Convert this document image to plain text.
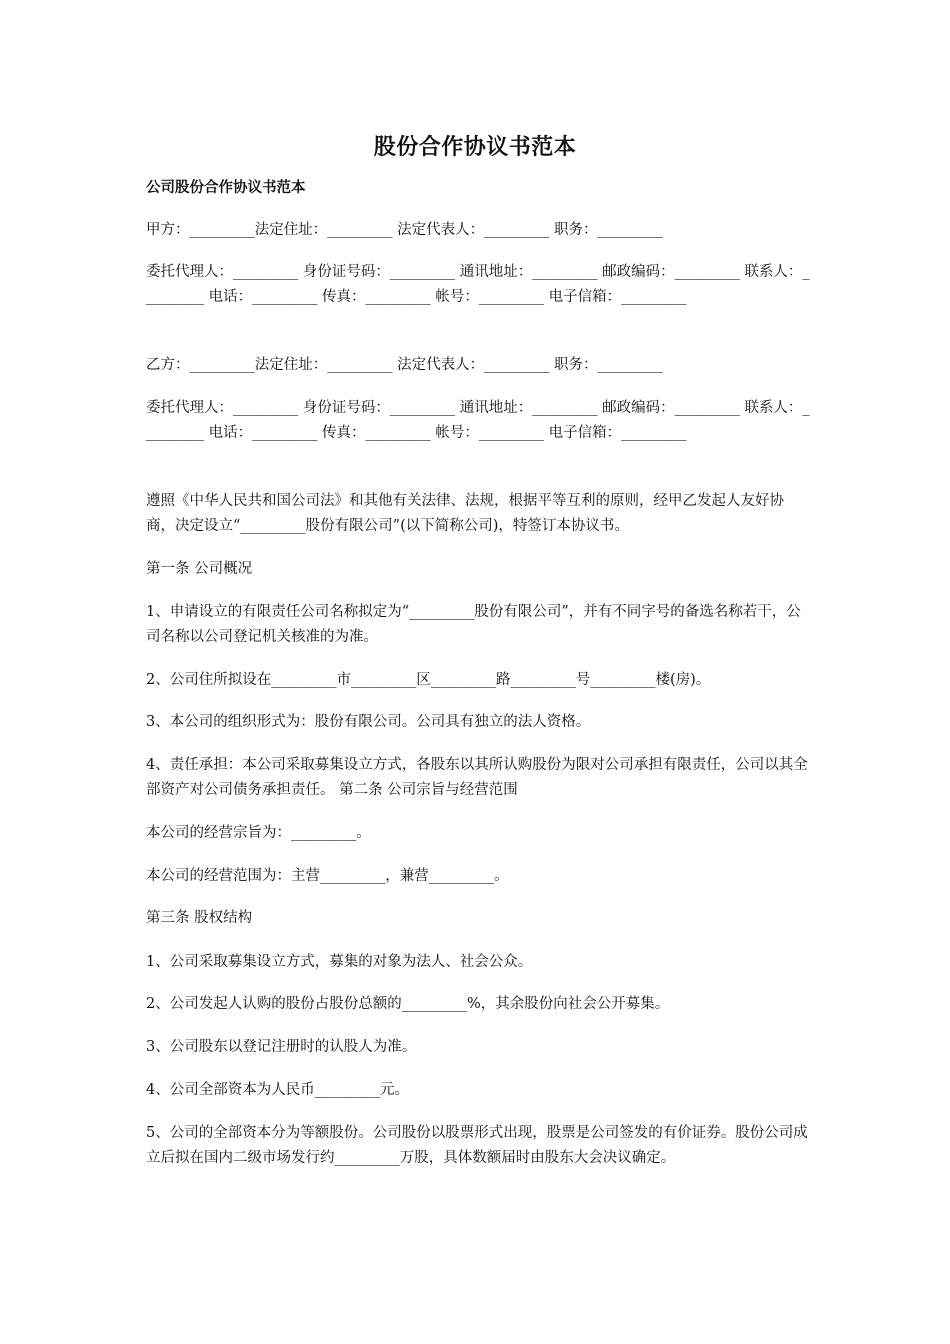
股份合作协议书范本
公司股份合作协议书范本

甲方：_________法定住址：_________ 法定代表人：_________ 职务：_________

委托代理人：_________ 身份证号码：_________ 通讯地址：_________ 邮政编码：_________ 联系人：_________ 电话：_________ 传真：_________ 帐号：_________ 电子信箱：_________

乙方：_________法定住址：_________ 法定代表人：_________ 职务：_________

委托代理人：_________ 身份证号码：_________ 通讯地址：_________ 邮政编码：_________ 联系人：_________ 电话：_________ 传真：_________ 帐号：_________ 电子信箱：_________

遵照《中华人民共和国公司法》和其他有关法律、法规，根据平等互利的原则，经甲乙发起人友好协商，决定设立“_________股份有限公司”(以下简称公司)，特签订本协议书。

第一条 公司概况

1、申请设立的有限责任公司名称拟定为“_________股份有限公司”，并有不同字号的备选名称若干，公司名称以公司登记机关核准的为准。

2、公司住所拟设在_________市_________区_________路_________号_________楼(房)。

3、本公司的组织形式为：股份有限公司。公司具有独立的法人资格。

4、责任承担：本公司采取募集设立方式，各股东以其所认购股份为限对公司承担有限责任，公司以其全部资产对公司债务承担责任。 第二条 公司宗旨与经营范围

本公司的经营宗旨为：_________。

本公司的经营范围为：主营_________，兼营_________。

第三条 股权结构

1、公司采取募集设立方式，募集的对象为法人、社会公众。

2、公司发起人认购的股份占股份总额的_________%，其余股份向社会公开募集。

3、公司股东以登记注册时的认股人为准。

4、公司全部资本为人民币_________元。

5、公司的全部资本分为等额股份。公司股份以股票形式出现，股票是公司签发的有价证券。股份公司成立后拟在国内二级市场发行约_________万股，具体数额届时由股东大会决议确定。
